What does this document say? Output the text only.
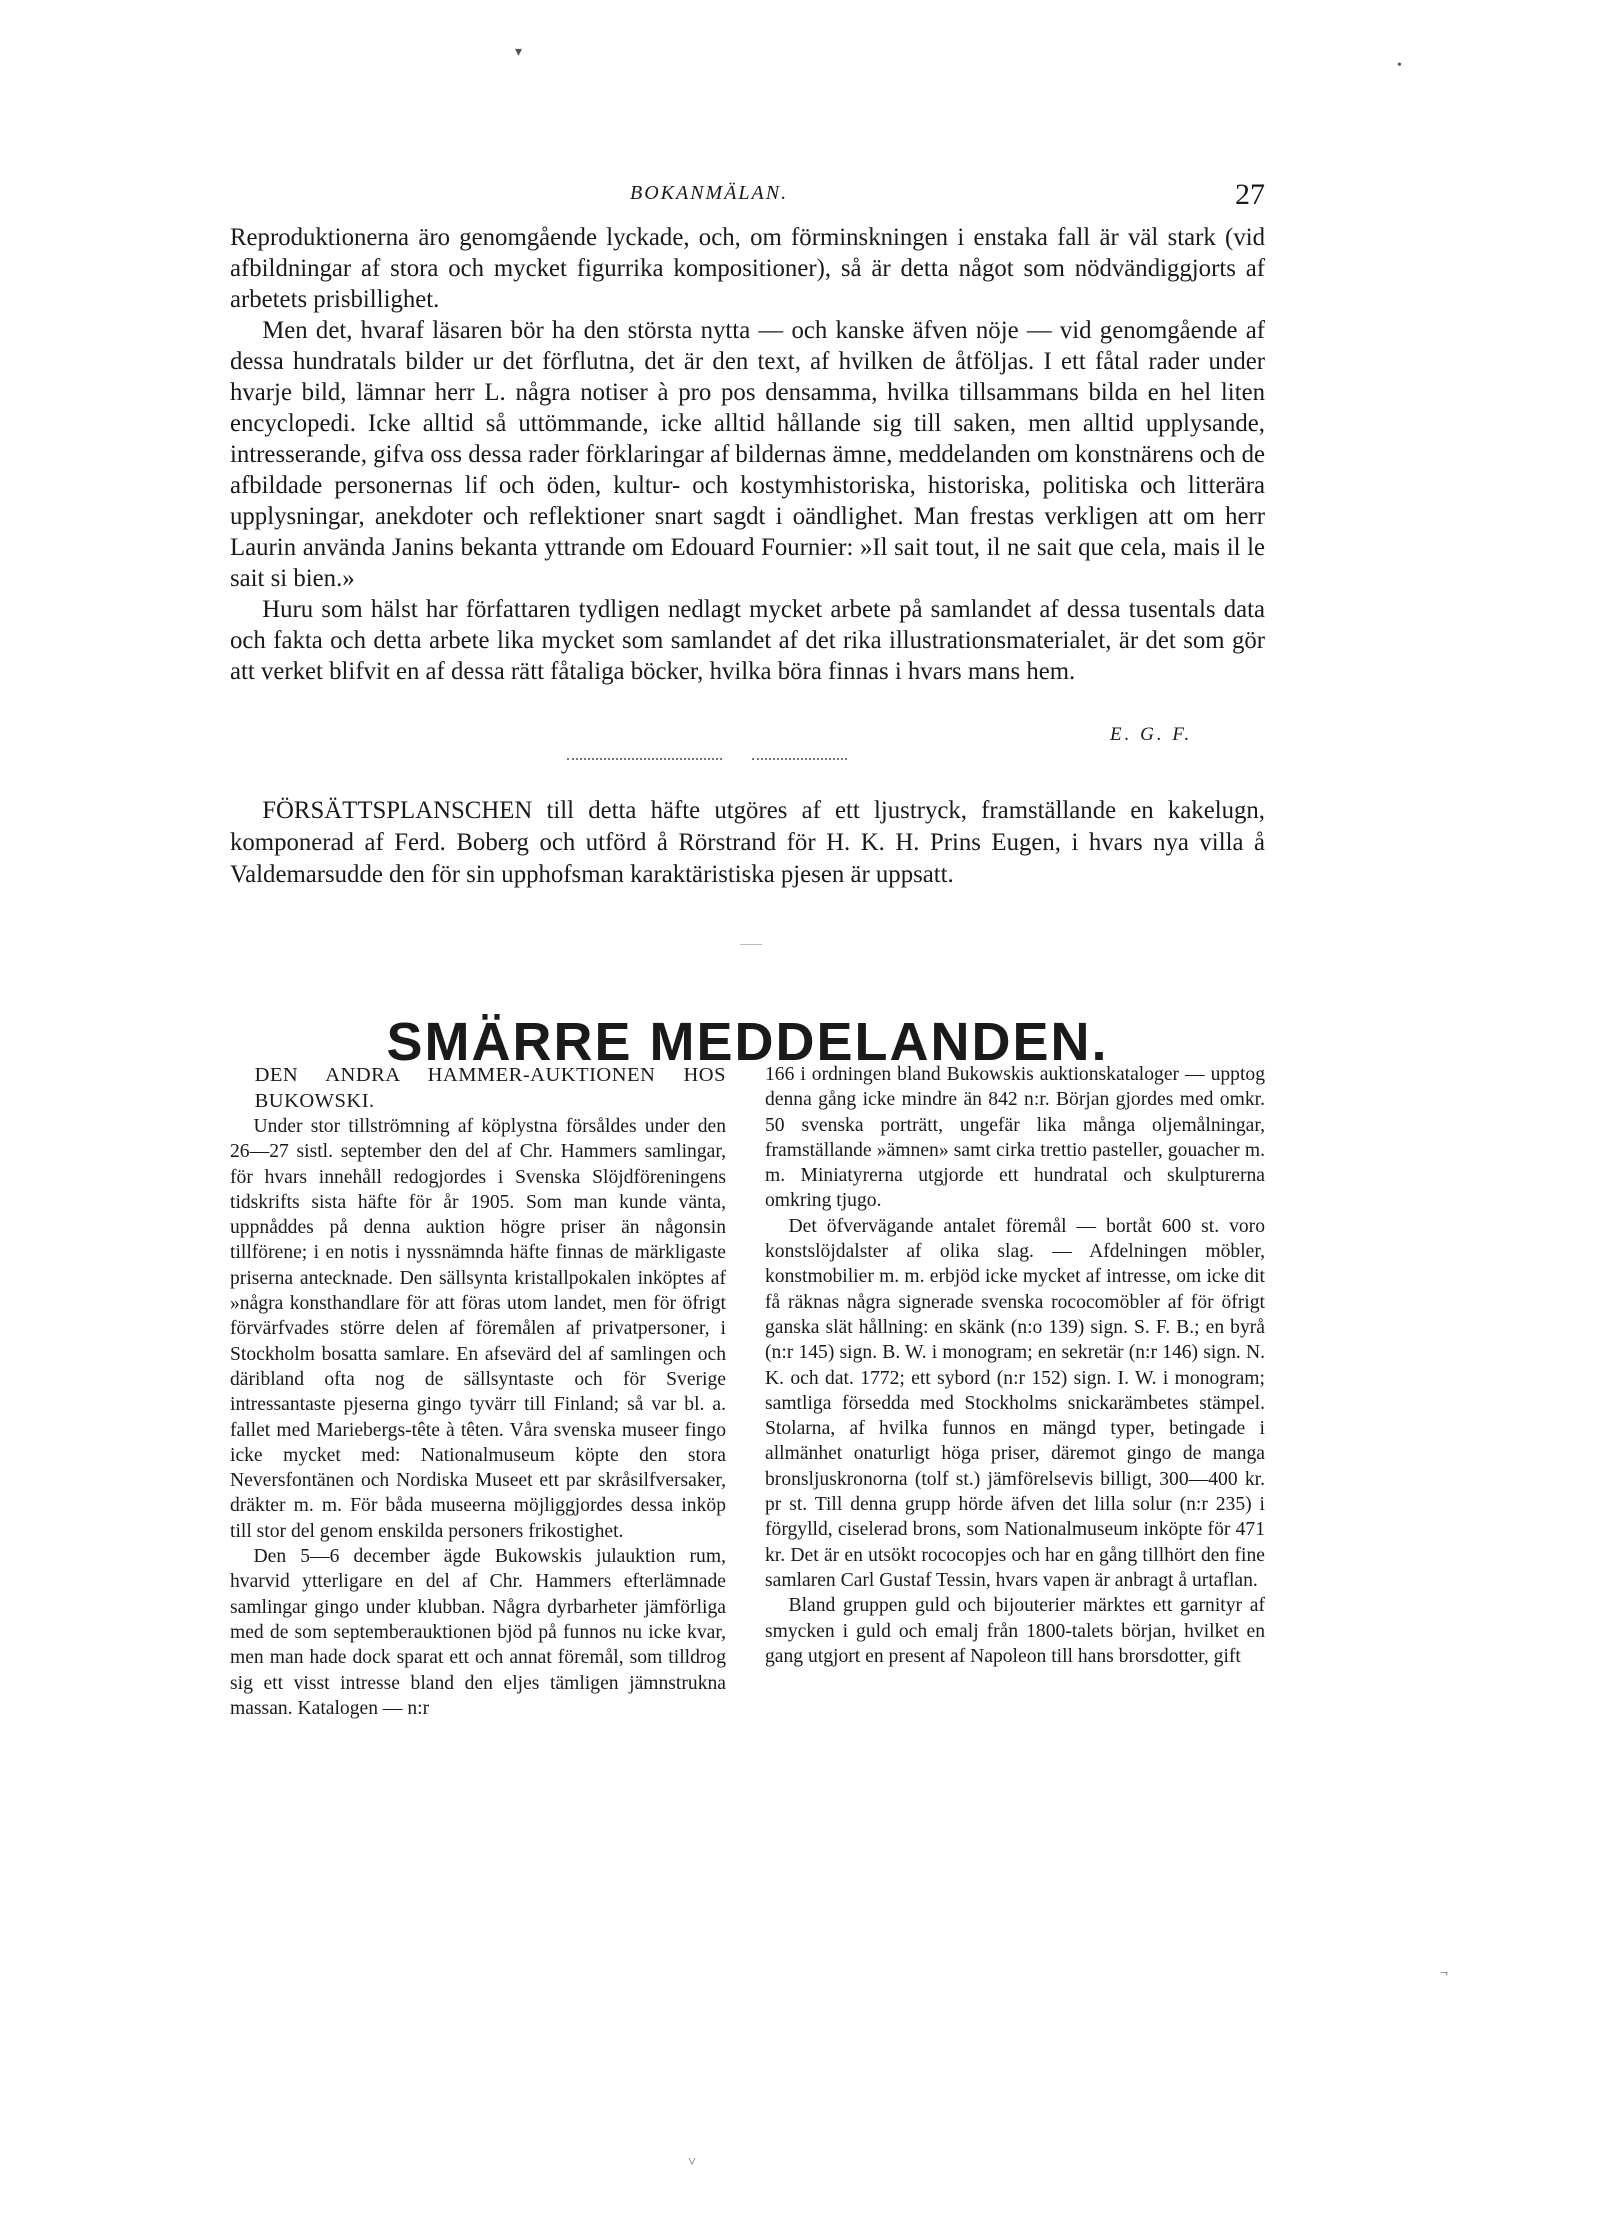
▾
•
BOKANMÄLAN.	27

Reproduktionerna äro genomgående lyckade, och, om förminskningen i enstaka fall är väl stark (vid afbildningar af stora och mycket figurrika kompositioner), så är detta något som nödvändiggjorts af arbetets prisbillighet.

Men det, hvaraf läsaren bör ha den största nytta — och kanske äfven nöje — vid genomgående af dessa hundratals bilder ur det förflutna, det är den text, af hvilken de åtföljas. I ett fåtal rader under hvarje bild, lämnar herr L. några notiser à pro pos densamma, hvilka tillsammans bilda en hel liten encyclopedi. Icke alltid så uttömmande, icke alltid hållande sig till saken, men alltid upplysande, intresserande, gifva oss dessa rader förklaringar af bildernas ämne, meddelanden om konstnärens och de afbildade personernas lif och öden, kultur- och kostymhistoriska, historiska, politiska och litterära upplysningar, anekdoter och reflektioner snart sagdt i oändlighet. Man frestas verkligen att om herr Laurin använda Janins bekanta yttrande om Edouard Fournier: »Il sait tout, il ne sait que cela, mais il le sait si bien.»

Huru som hälst har författaren tydligen nedlagt mycket arbete på samlandet af dessa tusentals data och fakta och detta arbete lika mycket som samlandet af det rika illustrationsmaterialet, är det som gör att verket blifvit en af dessa rätt fåtaliga böcker, hvilka böra finnas i hvars mans hem.

E. G. F.

FÖRSÄTTSPLANSCHEN till detta häfte utgöres af ett ljustryck, framställande en kakelugn, komponerad af Ferd. Boberg och utförd å Rörstrand för H. K. H. Prins Eugen, i hvars nya villa å Valdemarsudde den för sin upphofsman karaktäristiska pjesen är uppsatt.

SMÄRRE MEDDELANDEN.
DEN ANDRA HAMMER-AUKTIONEN HOS BUKOWSKI.

Under stor tillströmning af köplystna försåldes under den 26—27 sistl. september den del af Chr. Hammers samlingar, för hvars innehåll redogjordes i Svenska Slöjdföreningens tidskrifts sista häfte för år 1905. Som man kunde vänta, uppnåddes på denna auktion högre priser än någonsin tillförene; i en notis i nyssnämnda häfte finnas de märkligaste priserna antecknade. Den sällsynta kristallpokalen inköptes af »några konsthandlare för att föras utom landet, men för öfrigt förvärfvades större delen af föremålen af privatpersoner, i Stockholm bosatta samlare. En afsevärd del af samlingen och däribland ofta nog de sällsyntaste och för Sverige intressantaste pjeserna gingo tyvärr till Finland; så var bl. a. fallet med Mariebergs-tête à têten. Våra svenska museer fingo icke mycket med: Nationalmuseum köpte den stora Neversfontänen och Nordiska Museet ett par skråsilfversaker, dräkter m. m. För båda museerna möjliggjordes dessa inköp till stor del genom enskilda personers frikostighet.

Den 5—6 december ägde Bukowskis julauktion rum, hvarvid ytterligare en del af Chr. Hammers efterlämnade samlingar gingo under klubban. Några dyrbarheter jämförliga med de som septemberauktionen bjöd på funnos nu icke kvar, men man hade dock sparat ett och annat föremål, som tilldrog sig ett visst intresse bland den eljes tämligen jämnstrukna massan. Katalogen — n:r

166 i ordningen bland Bukowskis auktionskataloger — upptog denna gång icke mindre än 842 n:r. Början gjordes med omkr. 50 svenska porträtt, ungefär lika många oljemålningar, framställande »ämnen» samt cirka trettio pasteller, gouacher m. m. Miniatyrerna utgjorde ett hundratal och skulpturerna omkring tjugo.

Det öfvervägande antalet föremål — bortåt 600 st. voro konstslöjdalster af olika slag. — Afdelningen möbler, konstmobilier m. m. erbjöd icke mycket af intresse, om icke dit få räknas några signerade svenska rococomöbler af för öfrigt ganska slät hållning: en skänk (n:o 139) sign. S. F. B.; en byrå (n:r 145) sign. B. W. i monogram; en sekretär (n:r 146) sign. N. K. och dat. 1772; ett sybord (n:r 152) sign. I. W. i monogram; samtliga försedda med Stockholms snickarämbetes stämpel. Stolarna, af hvilka funnos en mängd typer, betingade i allmänhet onaturligt höga priser, däremot gingo de manga bronsljuskronorna (tolf st.) jämförelsevis billigt, 300—400 kr. pr st. Till denna grupp hörde äfven det lilla solur (n:r 235) i förgylld, ciselerad brons, som Nationalmuseum inköpte för 471 kr. Det är en utsökt rococopjes och har en gång tillhört den fine samlaren Carl Gustaf Tessin, hvars vapen är anbragt å urtaflan.

Bland gruppen guld och bijouterier märktes ett garnityr af smycken i guld och emalj från 1800-talets början, hvilket en gang utgjort en present af Napoleon till hans brorsdotter, gift

˅
¬
